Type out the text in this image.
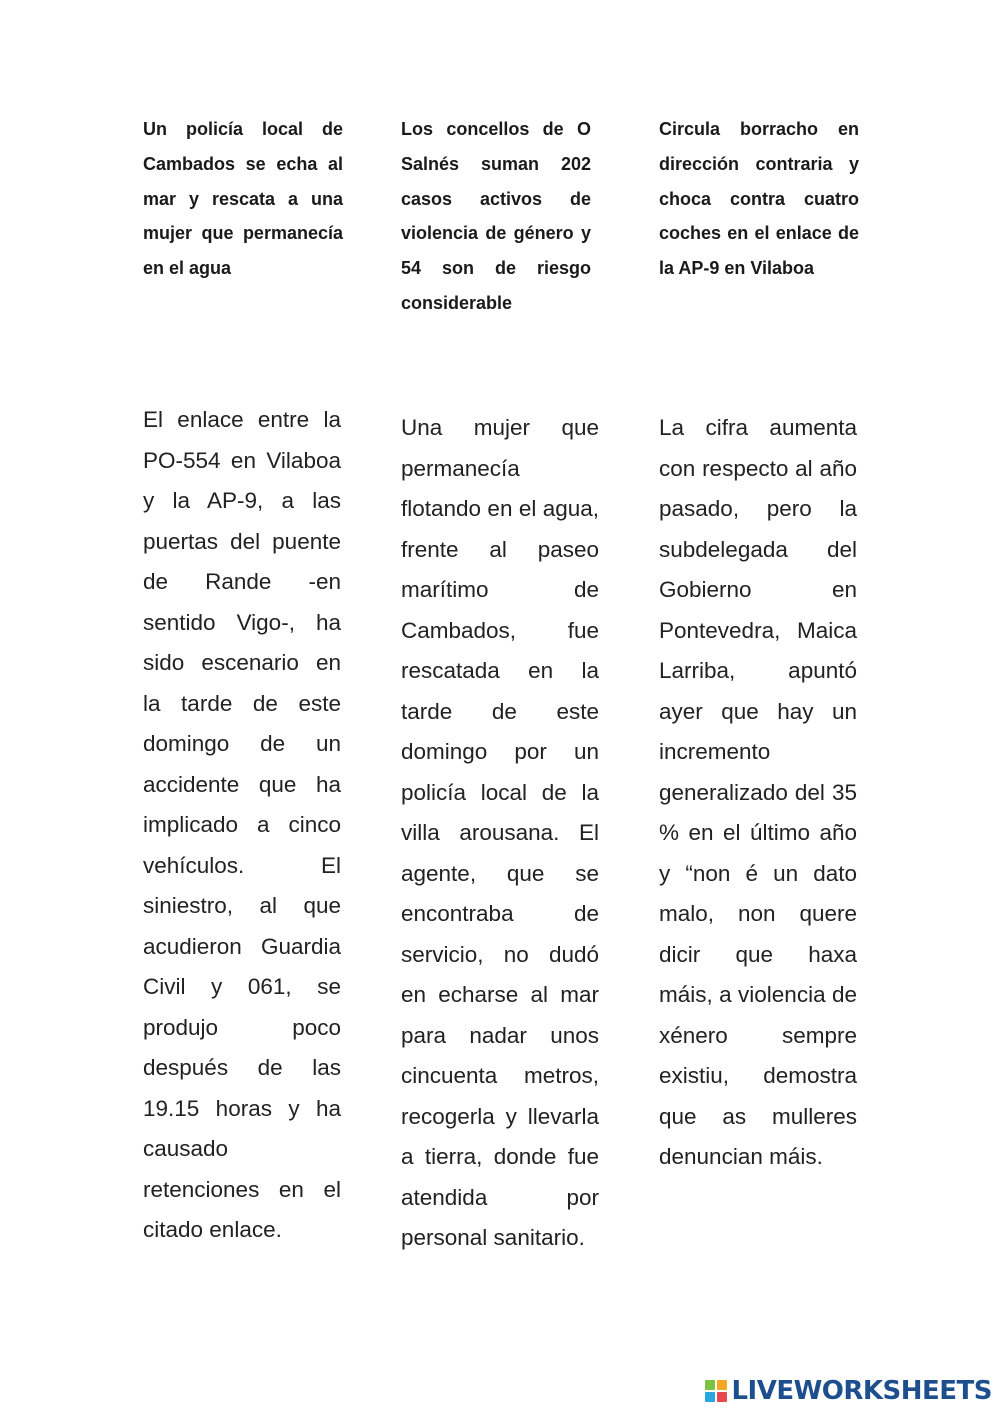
Un policía local de Cambados se echa al mar y rescata a una mujer que permanecía en el agua

Los concellos de O Salnés suman 202 casos activos de violencia de género y 54 son de riesgo considerable

Circula borracho en dirección contraria y choca contra cuatro coches en el enlace de la AP-9 en Vilaboa

El enlace entre la PO-554 en Vilaboa y la AP-9, a las puertas del puente de Rande -en sentido Vigo-, ha sido escenario en la tarde de este domingo de un accidente que ha implicado a cinco vehículos. El siniestro, al que acudieron Guardia Civil y 061, se produjo poco después de las 19.15 horas y ha causado retenciones en el citado enlace.

Una mujer que permanecía flotando en el agua, frente al paseo marítimo de Cambados, fue rescatada en la tarde de este domingo por un policía local de la villa arousana. El agente, que se encontraba de servicio, no dudó en echarse al mar para nadar unos cincuenta metros, recogerla y llevarla a tierra, donde fue atendida por personal sanitario.

La cifra aumenta con respecto al año pasado, pero la subdelegada del Gobierno en Pontevedra, Maica Larriba, apuntó ayer que hay un incremento generalizado del 35 % en el último año y “non é un dato malo, non quere dicir que haxa máis, a violencia de xénero sempre existiu, demostra que as mulleres denuncian máis.

LIVEWORKSHEETS
